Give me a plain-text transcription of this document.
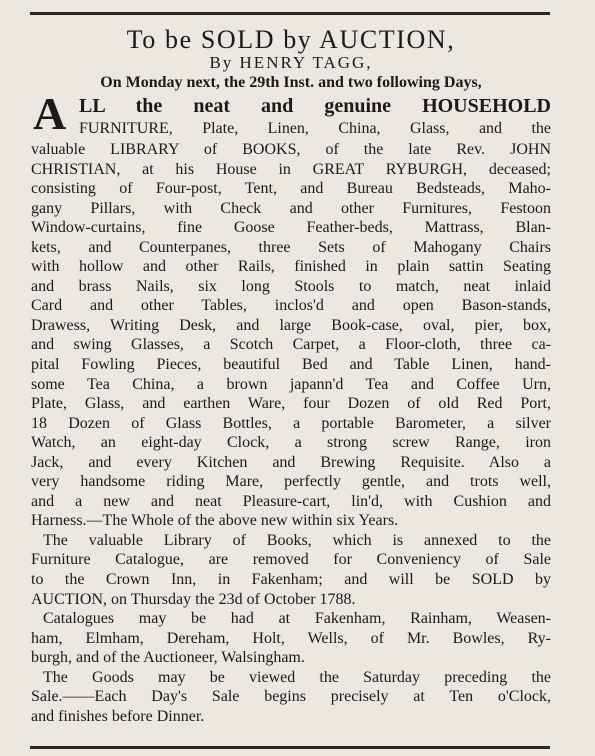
To be SOLD by AUCTION,

By HENRY TAGG,

On Monday next, the 29th Inst. and two following Days,

A LL the neat and genuine HOUSEHOLD
FURNITURE, Plate, Linen, China, Glass, and the
valuable LIBRARY of BOOKS, of the late Rev. JOHN
CHRISTIAN, at his House in GREAT RYBURGH, deceased;
consisting of Four-post, Tent, and Bureau Bedsteads, Maho-
gany Pillars, with Check and other Furnitures, Festoon
Window-curtains, fine Goose Feather-beds, Mattrass, Blan-
kets, and Counterpanes, three Sets of Mahogany Chairs
with hollow and other Rails, finished in plain sattin Seating
and brass Nails, six long Stools to match, neat inlaid
Card and other Tables, inclos'd and open Bason-stands,
Drawess, Writing Desk, and large Book-case, oval, pier, box,
and swing Glasses, a Scotch Carpet, a Floor-cloth, three ca-
pital Fowling Pieces, beautiful Bed and Table Linen, hand-
some Tea China, a brown japann'd Tea and Coffee Urn,
Plate, Glass, and earthen Ware, four Dozen of old Red Port,
18 Dozen of Glass Bottles, a portable Barometer, a silver
Watch, an eight-day Clock, a strong screw Range, iron
Jack, and every Kitchen and Brewing Requisite. Also a
very handsome riding Mare, perfectly gentle, and trots well,
and a new and neat Pleasure-cart, lin'd, with Cushion and
Harness.—The Whole of the above new within six Years.
The valuable Library of Books, which is annexed to the
Furniture Catalogue, are removed for Conveniency of Sale
to the Crown Inn, in Fakenham; and will be SOLD by
AUCTION, on Thursday the 23d of October 1788.
Catalogues may be had at Fakenham, Rainham, Weasen-
ham, Elmham, Dereham, Holt, Wells, of Mr. Bowles, Ry-
burgh, and of the Auctioneer, Walsingham.
The Goods may be viewed the Saturday preceding the
Sale.——Each Day's Sale begins precisely at Ten o'Clock,
and finishes before Dinner.
